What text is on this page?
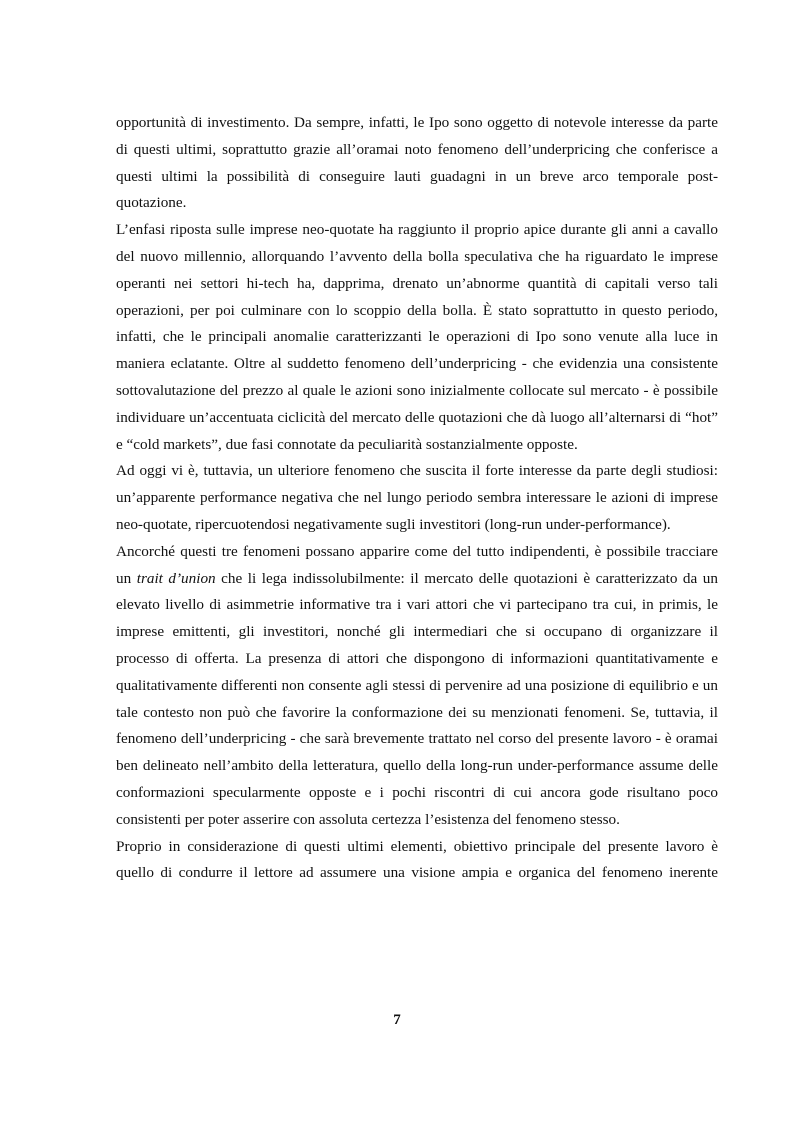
opportunità di investimento. Da sempre, infatti, le Ipo sono oggetto di notevole interesse da parte di questi ultimi, soprattutto grazie all’oramai noto fenomeno dell’underpricing che conferisce a questi ultimi la possibilità di conseguire lauti guadagni in un breve arco temporale post-quotazione.

L’enfasi riposta sulle imprese neo-quotate ha raggiunto il proprio apice durante gli anni a cavallo del nuovo millennio, allorquando l’avvento della bolla speculativa che ha riguardato le imprese operanti nei settori hi-tech ha, dapprima, drenato un’abnorme quantità di capitali verso tali operazioni, per poi culminare con lo scoppio della bolla. È stato soprattutto in questo periodo, infatti, che le principali anomalie caratterizzanti le operazioni di Ipo sono venute alla luce in maniera eclatante. Oltre al suddetto fenomeno dell’underpricing - che evidenzia una consistente sottovalutazione del prezzo al quale le azioni sono inizialmente collocate sul mercato - è possibile individuare un’accentuata ciclicità del mercato delle quotazioni che dà luogo all’alternarsi di “hot” e “cold markets”, due fasi connotate da peculiarità sostanzialmente opposte.

Ad oggi vi è, tuttavia, un ulteriore fenomeno che suscita il forte interesse da parte degli studiosi: un’apparente performance negativa che nel lungo periodo sembra interessare le azioni di imprese neo-quotate, ripercuotendosi negativamente sugli investitori (long-run under-performance).

Ancorché questi tre fenomeni possano apparire come del tutto indipendenti, è possibile tracciare un trait d’union che li lega indissolubilmente: il mercato delle quotazioni è caratterizzato da un elevato livello di asimmetrie informative tra i vari attori che vi partecipano tra cui, in primis, le imprese emittenti, gli investitori, nonché gli intermediari che si occupano di organizzare il processo di offerta. La presenza di attori che dispongono di informazioni quantitativamente e qualitativamente differenti non consente agli stessi di pervenire ad una posizione di equilibrio e un tale contesto non può che favorire la conformazione dei su menzionati fenomeni. Se, tuttavia, il fenomeno dell’underpricing - che sarà brevemente trattato nel corso del presente lavoro - è oramai ben delineato nell’ambito della letteratura, quello della long-run under-performance assume delle conformazioni specularmente opposte e i pochi riscontri di cui ancora gode risultano poco consistenti per poter asserire con assoluta certezza l’esistenza del fenomeno stesso.

Proprio in considerazione di questi ultimi elementi, obiettivo principale del presente lavoro è quello di condurre il lettore ad assumere una visione ampia e organica del fenomeno inerente

7
